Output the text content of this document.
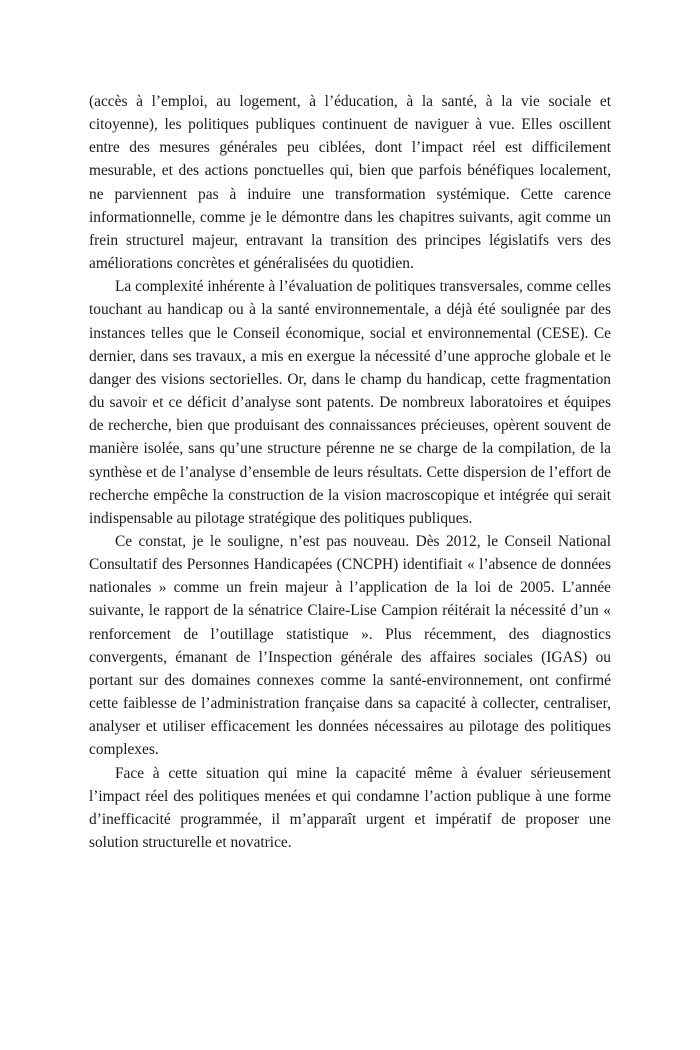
(accès à l’emploi, au logement, à l’éducation, à la santé, à la vie sociale et citoyenne), les politiques publiques continuent de naviguer à vue. Elles oscillent entre des mesures générales peu ciblées, dont l’impact réel est difficilement mesurable, et des actions ponctuelles qui, bien que parfois bénéfiques localement, ne parviennent pas à induire une transformation systémique. Cette carence informationnelle, comme je le démontre dans les chapitres suivants, agit comme un frein structurel majeur, entravant la transition des principes législatifs vers des améliorations concrètes et généralisées du quotidien.

La complexité inhérente à l’évaluation de politiques transversales, comme celles touchant au handicap ou à la santé environnementale, a déjà été soulignée par des instances telles que le Conseil économique, social et environnemental (CESE). Ce dernier, dans ses travaux, a mis en exergue la nécessité d’une approche globale et le danger des visions sectorielles. Or, dans le champ du handicap, cette fragmentation du savoir et ce déficit d’analyse sont patents. De nombreux laboratoires et équipes de recherche, bien que produisant des connaissances précieuses, opèrent souvent de manière isolée, sans qu’une structure pérenne ne se charge de la compilation, de la synthèse et de l’analyse d’ensemble de leurs résultats. Cette dispersion de l’effort de recherche empêche la construction de la vision macroscopique et intégrée qui serait indispensable au pilotage stratégique des politiques publiques.

Ce constat, je le souligne, n’est pas nouveau. Dès 2012, le Conseil National Consultatif des Personnes Handicapées (CNCPH) identifiait « l’absence de données nationales » comme un frein majeur à l’application de la loi de 2005. L’année suivante, le rapport de la sénatrice Claire-Lise Campion réitérait la nécessité d’un « renforcement de l’outillage statistique ». Plus récemment, des diagnostics convergents, émanant de l’Inspection générale des affaires sociales (IGAS) ou portant sur des domaines connexes comme la santé-environnement, ont confirmé cette faiblesse de l’administration française dans sa capacité à collecter, centraliser, analyser et utiliser efficacement les données nécessaires au pilotage des politiques complexes.

Face à cette situation qui mine la capacité même à évaluer sérieusement l’impact réel des politiques menées et qui condamne l’action publique à une forme d’inefficacité programmée, il m’apparaît urgent et impératif de proposer une solution structurelle et novatrice.
